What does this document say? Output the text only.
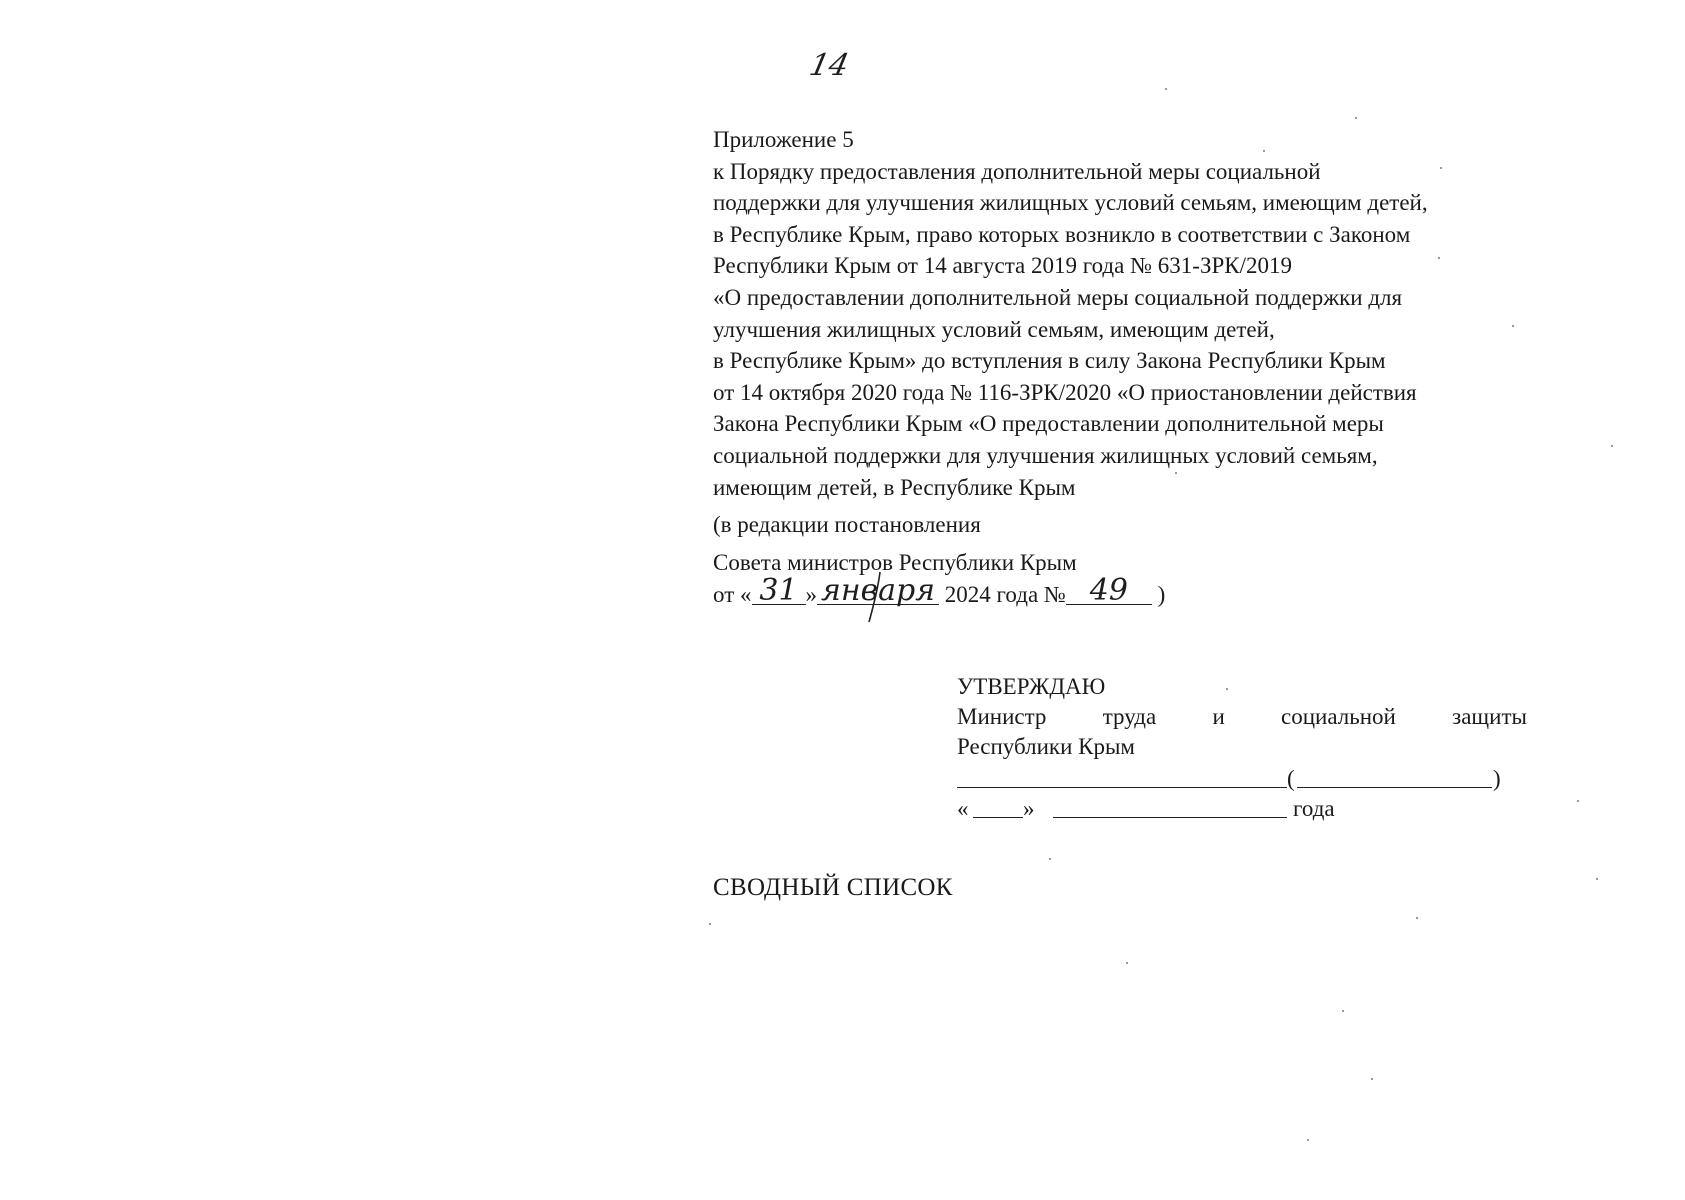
14
Приложение 5
к Порядку предоставления дополнительной меры социальной
поддержки для улучшения жилищных условий семьям, имеющим детей,
в Республике Крым, право которых возникло в соответствии с Законом
Республики Крым от 14 августа 2019 года № 631-ЗРК/2019
«О предоставлении дополнительной меры социальной поддержки для
улучшения жилищных условий семьям, имеющим детей,
в Республике Крым» до вступления в силу Закона Республики Крым
от 14 октября 2020 года № 116-ЗРК/2020 «О приостановлении действия
Закона Республики Крым «О предоставлении дополнительной меры
социальной поддержки для улучшения жилищных условий семьям,
имеющим детей, в Республике Крым
(в редакции постановления
Совета министров Республики Крым
от « 31 » января 2024 года № 49 )
УТВЕРЖДАЮ
Министр труда и социальной защиты
Республики Крым
(	)
« »	года
СВОДНЫЙ СПИСОК
